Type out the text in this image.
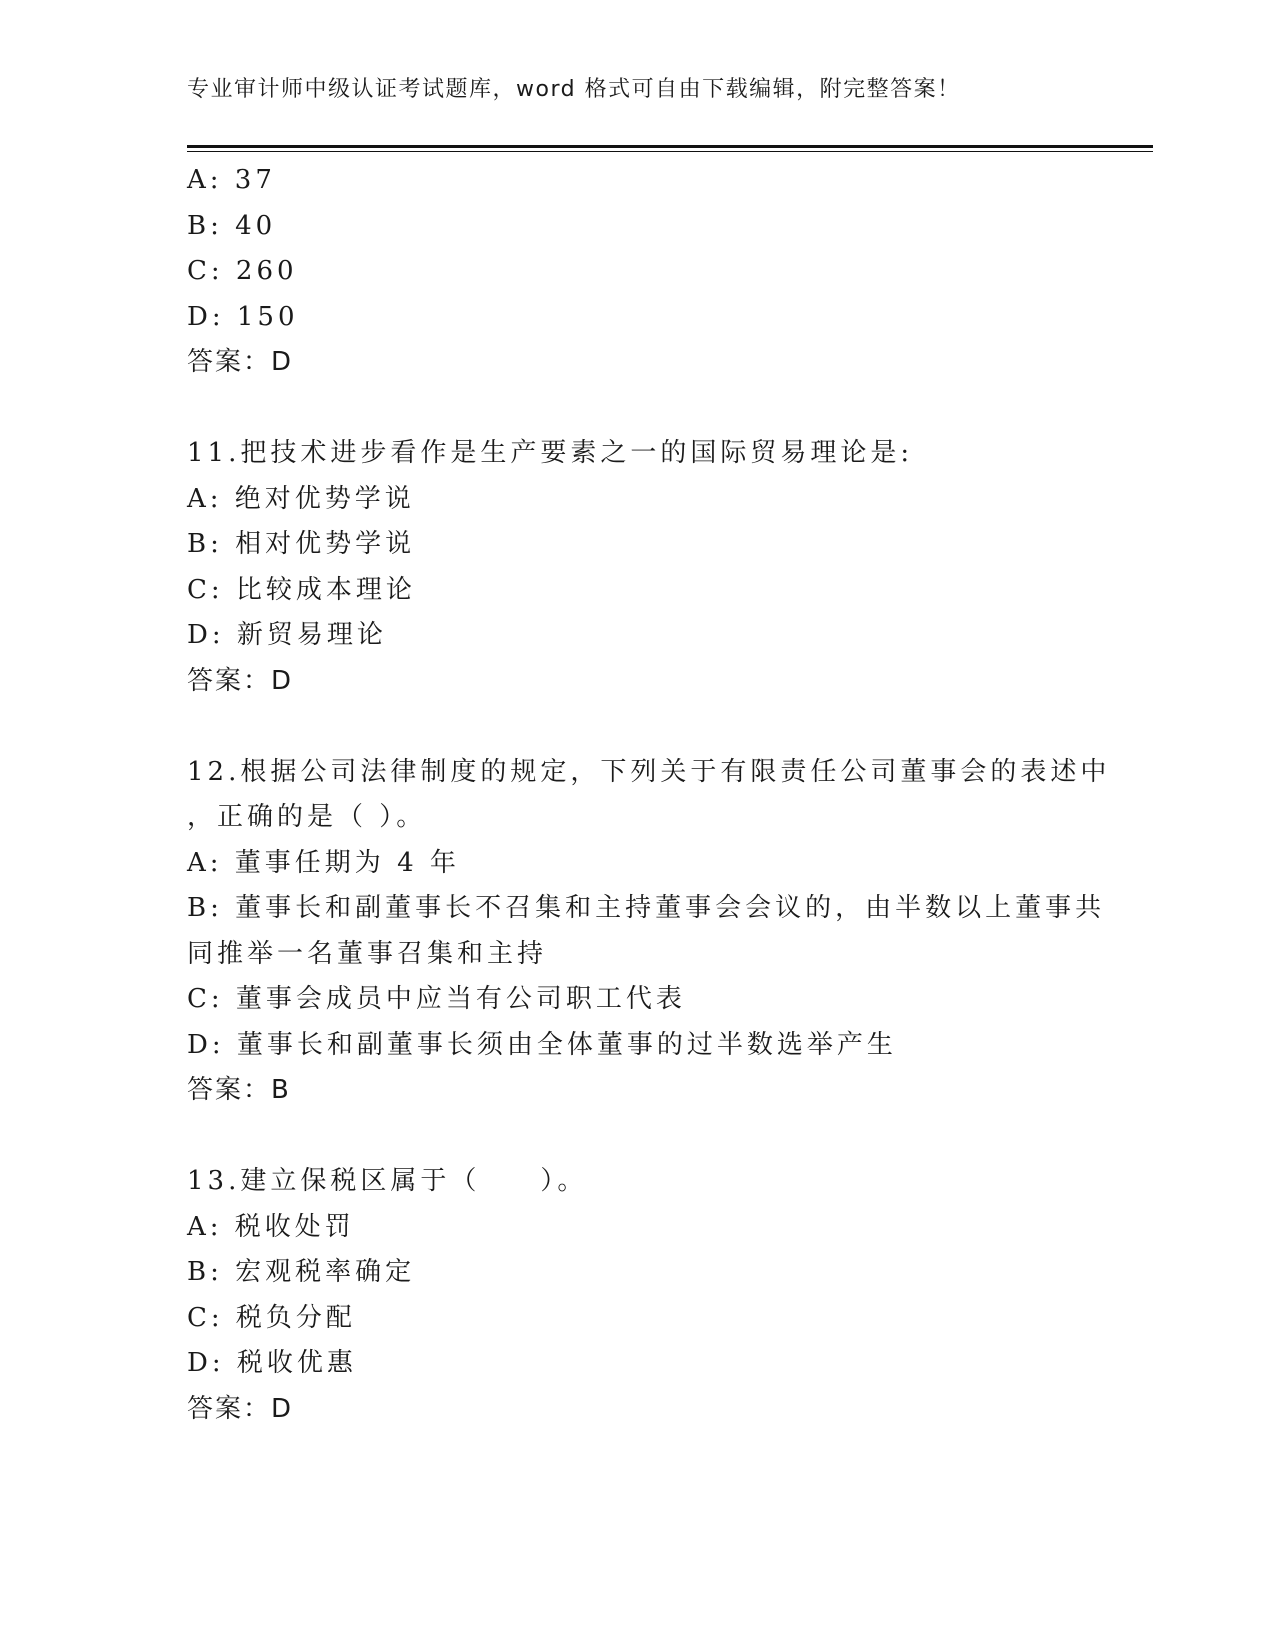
专业审计师中级认证考试题库，word 格式可自由下载编辑，附完整答案！
A: 37
B: 40
C: 260
D: 150
答案：D
11.把技术进步看作是生产要素之一的国际贸易理论是:
A: 绝对优势学说
B: 相对优势学说
C: 比较成本理论
D: 新贸易理论
答案：D
12.根据公司法律制度的规定，下列关于有限责任公司董事会的表述中
，正确的是（ ）。
A: 董事任期为 4 年
B: 董事长和副董事长不召集和主持董事会会议的，由半数以上董事共
同推举一名董事召集和主持
C: 董事会成员中应当有公司职工代表
D: 董事长和副董事长须由全体董事的过半数选举产生
答案：B
13.建立保税区属于（　　）。
A: 税收处罚
B: 宏观税率确定
C: 税负分配
D: 税收优惠
答案：D
